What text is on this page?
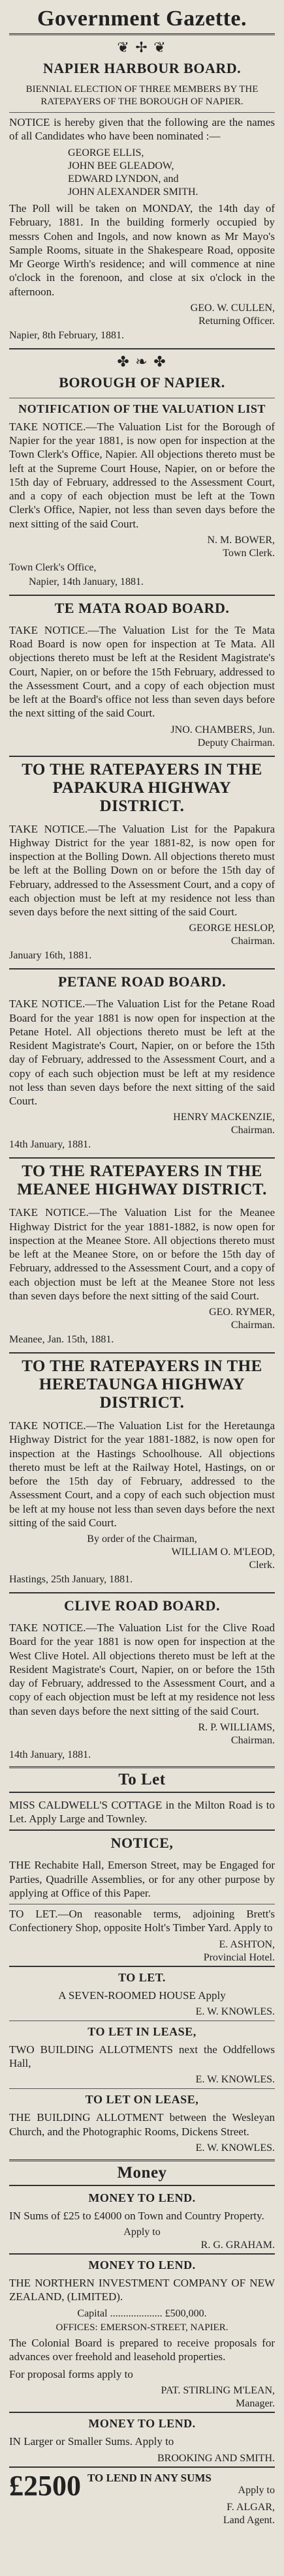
Government Gazette.
❦ ✢ ❦
NAPIER HARBOUR BOARD.

BIENNIAL ELECTION OF THREE MEMBERS BY THE RATEPAYERS OF THE BOROUGH OF NAPIER.

NOTICE is hereby given that the following are the names of all Candidates who have been nominated :—

GEORGE ELLIS,
JOHN BEE GLEADOW,
EDWARD LYNDON, and
JOHN ALEXANDER SMITH.

The Poll will be taken on MONDAY, the 14th day of February, 1881. In the building formerly occupied by messrs Cohen and Ingols, and now known as Mr Mayo's Sample Rooms, situate in the Shakespeare Road, opposite Mr George Wirth's residence; and will commence at nine o'clock in the forenoon, and close at six o'clock in the afternoon.

GEO. W. CULLEN,
Returning Officer.
Napier, 8th February, 1881.
✤ ❧ ✤
BOROUGH OF NAPIER.
NOTIFICATION OF THE VALUATION LIST

TAKE NOTICE.—The Valuation List for the Borough of Napier for the year 1881, is now open for inspection at the Town Clerk's Office, Napier. All objections thereto must be left at the Supreme Court House, Napier, on or before the 15th day of February, addressed to the Assessment Court, and a copy of each objection must be left at the Town Clerk's Office, Napier, not less than seven days before the next sitting of the said Court.

N. M. BOWER,
Town Clerk.
Town Clerk's Office,
Napier, 14th January, 1881.
TE MATA ROAD BOARD.

TAKE NOTICE.—The Valuation List for the Te Mata Road Board is now open for inspection at Te Mata. All objections thereto must be left at the Resident Magistrate's Court, Napier, on or before the 15th February, addressed to the Assessment Court, and a copy of each objection must be left at the Board's office not less than seven days before the next sitting of the said Court.

JNO. CHAMBERS, Jun.
Deputy Chairman.
TO THE RATEPAYERS IN THE PAPAKURA HIGHWAY DISTRICT.

TAKE NOTICE.—The Valuation List for the Papakura Highway District for the year 1881-82, is now open for inspection at the Bolling Down. All objections thereto must be left at the Bolling Down on or before the 15th day of February, addressed to the Assessment Court, and a copy of each objection must be left at my residence not less than seven days before the next sitting of the said Court.

GEORGE HESLOP,
Chairman.
January 16th, 1881.
PETANE ROAD BOARD.

TAKE NOTICE.—The Valuation List for the Petane Road Board for the year 1881 is now open for inspection at the Petane Hotel. All objections thereto must be left at the Resident Magistrate's Court, Napier, on or before the 15th day of February, addressed to the Assessment Court, and a copy of each such objection must be left at my residence not less than seven days before the next sitting of the said Court.

HENRY MACKENZIE,
Chairman.
14th January, 1881.
TO THE RATEPAYERS IN THE MEANEE HIGHWAY DISTRICT.

TAKE NOTICE.—The Valuation List for the Meanee Highway District for the year 1881-1882, is now open for inspection at the Meanee Store. All objections thereto must be left at the Meanee Store, on or before the 15th day of February, addressed to the Assessment Court, and a copy of each objection must be left at the Meanee Store not less than seven days before the next sitting of the said Court.

GEO. RYMER,
Chairman.
Meanee, Jan. 15th, 1881.
TO THE RATEPAYERS IN THE HERETAUNGA HIGHWAY DISTRICT.

TAKE NOTICE.—The Valuation List for the Heretaunga Highway District for the year 1881-1882, is now open for inspection at the Hastings Schoolhouse. All objections thereto must be left at the Railway Hotel, Hastings, on or before the 15th day of February, addressed to the Assessment Court, and a copy of each such objection must be left at my house not less than seven days before the next sitting of the said Court.

By order of the Chairman,
WILLIAM O. M'LEOD,
Clerk.
Hastings, 25th January, 1881.
CLIVE ROAD BOARD.

TAKE NOTICE.—The Valuation List for the Clive Road Board for the year 1881 is now open for inspection at the West Clive Hotel. All objections thereto must be left at the Resident Magistrate's Court, Napier, on or before the 15th day of February, addressed to the Assessment Court, and a copy of each objection must be left at my residence not less than seven days before the next sitting of the said Court.

R. P. WILLIAMS,
Chairman.
14th January, 1881.
To Let

MISS CALDWELL'S COTTAGE in the Milton Road is to Let. Apply Large and Townley.

NOTICE,

THE Rechabite Hall, Emerson Street, may be Engaged for Parties, Quadrille Assemblies, or for any other purpose by applying at Office of this Paper.

TO LET.—On reasonable terms, adjoining Brett's Confectionery Shop, opposite Holt's Timber Yard. Apply to

E. ASHTON,
Provincial Hotel.
TO LET.

A SEVEN-ROOMED HOUSE Apply

E. W. KNOWLES.
TO LET IN LEASE,

TWO BUILDING ALLOTMENTS next the Oddfellows Hall,

E. W. KNOWLES.
TO LET ON LEASE,

THE BUILDING ALLOTMENT between the Wesleyan Church, and the Photographic Rooms, Dickens Street.

E. W. KNOWLES.
Money
MONEY TO LEND.

IN Sums of £25 to £4000 on Town and Country Property.

Apply to
R. G. GRAHAM.
MONEY TO LEND.

THE NORTHERN INVESTMENT COMPANY OF NEW ZEALAND, (LIMITED).

Capital .................... £500,000.
OFFICES: EMERSON-STREET, NAPIER.

The Colonial Board is prepared to receive proposals for advances over freehold and leasehold properties.

For proposal forms apply to

PAT. STIRLING M'LEAN,
Manager.
MONEY TO LEND.

IN Larger or Smaller Sums. Apply to

BROOKING AND SMITH.
£2500 TO LEND IN ANY SUMS
Apply to
F. ALGAR,
Land Agent.
